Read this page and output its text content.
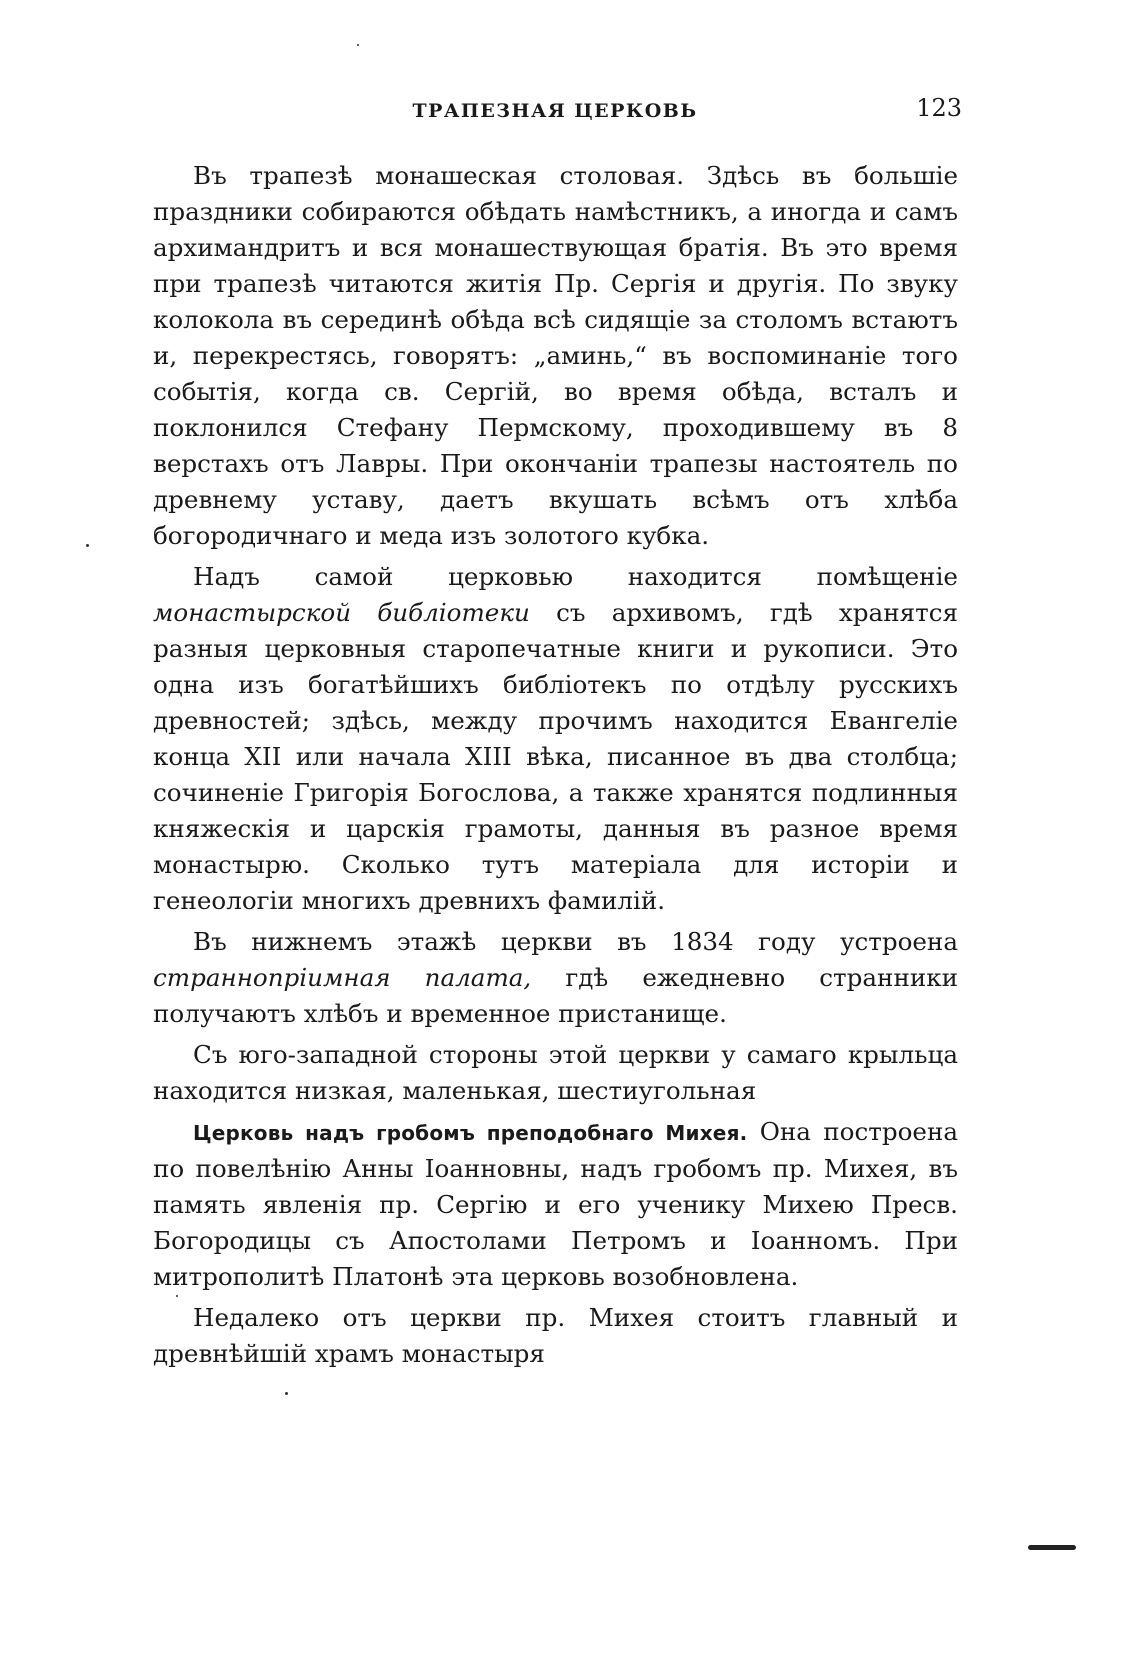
ТРАПЕЗНАЯ ЦЕРКОВЬ	123

Въ трапезѣ монашеская столовая. Здѣсь въ большіе праздники собираются обѣдать намѣстникъ, а иногда и самъ архимандритъ и вся монашествующая братія. Въ это время при трапезѣ читаются житія Пр. Сергія и другія. По звуку колокола въ серединѣ обѣда всѣ сидящіе за столомъ встаютъ и, перекрестясь, говорятъ: „аминь,“ въ воспоминаніе того событія, когда св. Сергій, во время обѣда, всталъ и поклонился Стефану Пермскому, проходившему въ 8 верстахъ отъ Лавры. При окончаніи трапезы настоятель по древнему уставу, даетъ вкушать всѣмъ отъ хлѣба богородичнаго и меда изъ золотого кубка.

Надъ самой церковью находится помѣщеніе монастырской библіотеки съ архивомъ, гдѣ хранятся разныя церковныя старопечатные книги и рукописи. Это одна изъ богатѣйшихъ библіотекъ по отдѣлу русскихъ древностей; здѣсь, между прочимъ находится Евангеліе конца XII или начала XIII вѣка, писанное въ два столбца; сочиненіе Григорія Богослова, а также хранятся подлинныя княжескія и царскія грамоты, данныя въ разное время монастырю. Сколько тутъ матеріала для исторіи и генеологіи многихъ древнихъ фамилій.

Въ нижнемъ этажѣ церкви въ 1834 году устроена страннопріимная палата, гдѣ ежедневно странники получаютъ хлѣбъ и временное пристанище.

Съ юго-западной стороны этой церкви у самаго крыльца находится низкая, маленькая, шестиугольная

Церковь надъ гробомъ преподобнаго Михея. Она построена по повелѣнію Анны Іоанновны, надъ гробомъ пр. Михея, въ память явленія пр. Сергію и его ученику Михею Пресв. Богородицы съ Апостолами Петромъ и Іоанномъ. При митрополитѣ Платонѣ эта церковь возобновлена.

Недалеко отъ церкви пр. Михея стоитъ главный и древнѣйшій храмъ монастыря
